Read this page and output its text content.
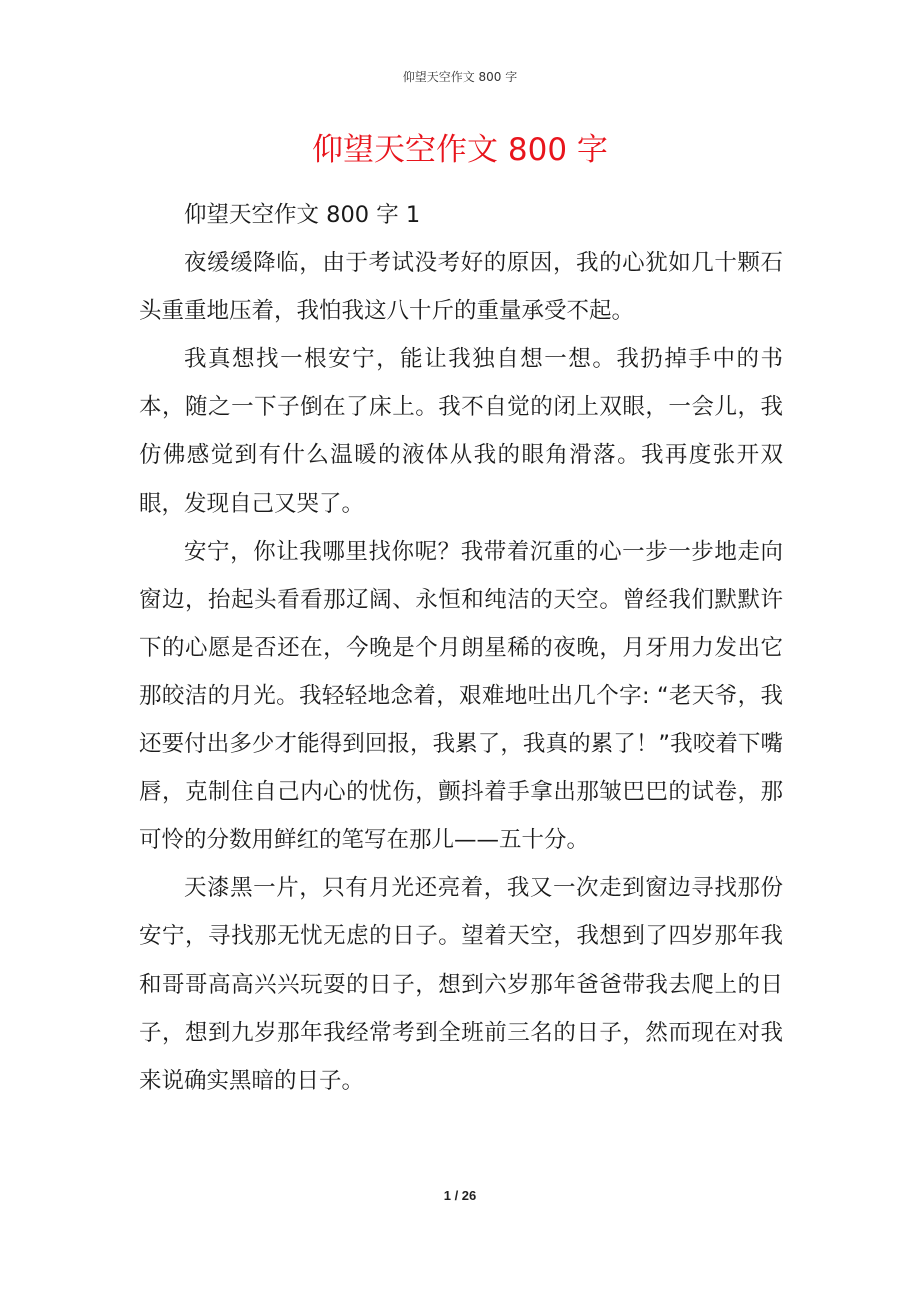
仰望天空作文 800 字
仰望天空作文 800 字

仰望天空作文 800 字 1

夜缓缓降临，由于考试没考好的原因，我的心犹如几十颗石头重重地压着，我怕我这八十斤的重量承受不起。

我真想找一根安宁，能让我独自想一想。我扔掉手中的书本，随之一下子倒在了床上。我不自觉的闭上双眼，一会儿，我仿佛感觉到有什么温暖的液体从我的眼角滑落。我再度张开双眼，发现自己又哭了。

安宁，你让我哪里找你呢？我带着沉重的心一步一步地走向窗边，抬起头看看那辽阔、永恒和纯洁的天空。曾经我们默默许下的心愿是否还在，今晚是个月朗星稀的夜晚，月牙用力发出它那皎洁的月光。我轻轻地念着，艰难地吐出几个字: “老天爷，我还要付出多少才能得到回报，我累了，我真的累了！”我咬着下嘴唇，克制住自己内心的忧伤，颤抖着手拿出那皱巴巴的试卷，那可怜的分数用鲜红的笔写在那儿——五十分。

天漆黑一片，只有月光还亮着，我又一次走到窗边寻找那份安宁，寻找那无忧无虑的日子。望着天空，我想到了四岁那年我和哥哥高高兴兴玩耍的日子，想到六岁那年爸爸带我去爬上的日子，想到九岁那年我经常考到全班前三名的日子，然而现在对我来说确实黑暗的日子。

1 / 26
